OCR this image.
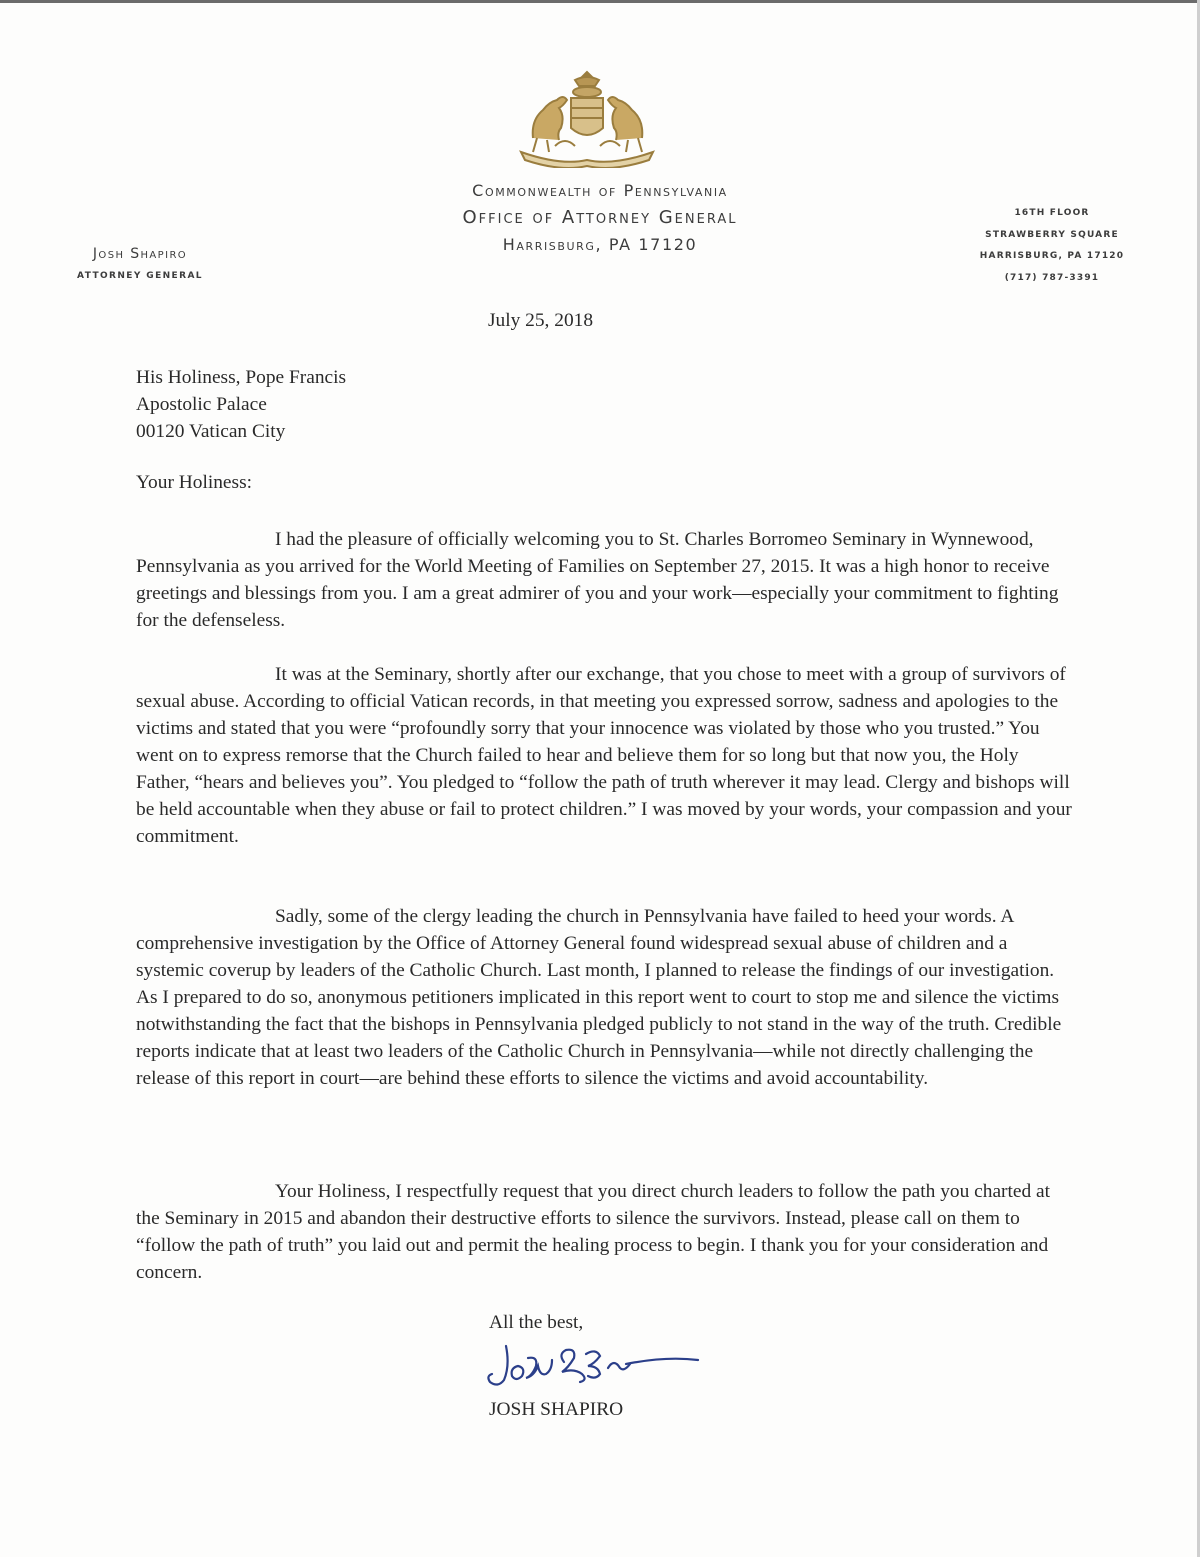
Commonwealth of Pennsylvania
Office of Attorney General
Harrisburg, PA 17120
Josh Shapiro
ATTORNEY GENERAL
16TH FLOOR
STRAWBERRY SQUARE
HARRISBURG, PA 17120
(717) 787-3391
July 25, 2018
His Holiness, Pope Francis
Apostolic Palace
00120 Vatican City
Your Holiness:
I had the pleasure of officially welcoming you to St. Charles Borromeo Seminary in Wynnewood, Pennsylvania as you arrived for the World Meeting of Families on September 27, 2015. It was a high honor to receive greetings and blessings from you. I am a great admirer of you and your work—especially your commitment to fighting for the defenseless.
It was at the Seminary, shortly after our exchange, that you chose to meet with a group of survivors of sexual abuse. According to official Vatican records, in that meeting you expressed sorrow, sadness and apologies to the victims and stated that you were “profoundly sorry that your innocence was violated by those who you trusted.” You went on to express remorse that the Church failed to hear and believe them for so long but that now you, the Holy Father, “hears and believes you”. You pledged to “follow the path of truth wherever it may lead. Clergy and bishops will be held accountable when they abuse or fail to protect children.” I was moved by your words, your compassion and your commitment.
Sadly, some of the clergy leading the church in Pennsylvania have failed to heed your words. A comprehensive investigation by the Office of Attorney General found widespread sexual abuse of children and a systemic coverup by leaders of the Catholic Church. Last month, I planned to release the findings of our investigation. As I prepared to do so, anonymous petitioners implicated in this report went to court to stop me and silence the victims notwithstanding the fact that the bishops in Pennsylvania pledged publicly to not stand in the way of the truth. Credible reports indicate that at least two leaders of the Catholic Church in Pennsylvania—while not directly challenging the release of this report in court—are behind these efforts to silence the victims and avoid accountability.
Your Holiness, I respectfully request that you direct church leaders to follow the path you charted at the Seminary in 2015 and abandon their destructive efforts to silence the survivors. Instead, please call on them to “follow the path of truth” you laid out and permit the healing process to begin. I thank you for your consideration and concern.
All the best,
JOSH SHAPIRO
